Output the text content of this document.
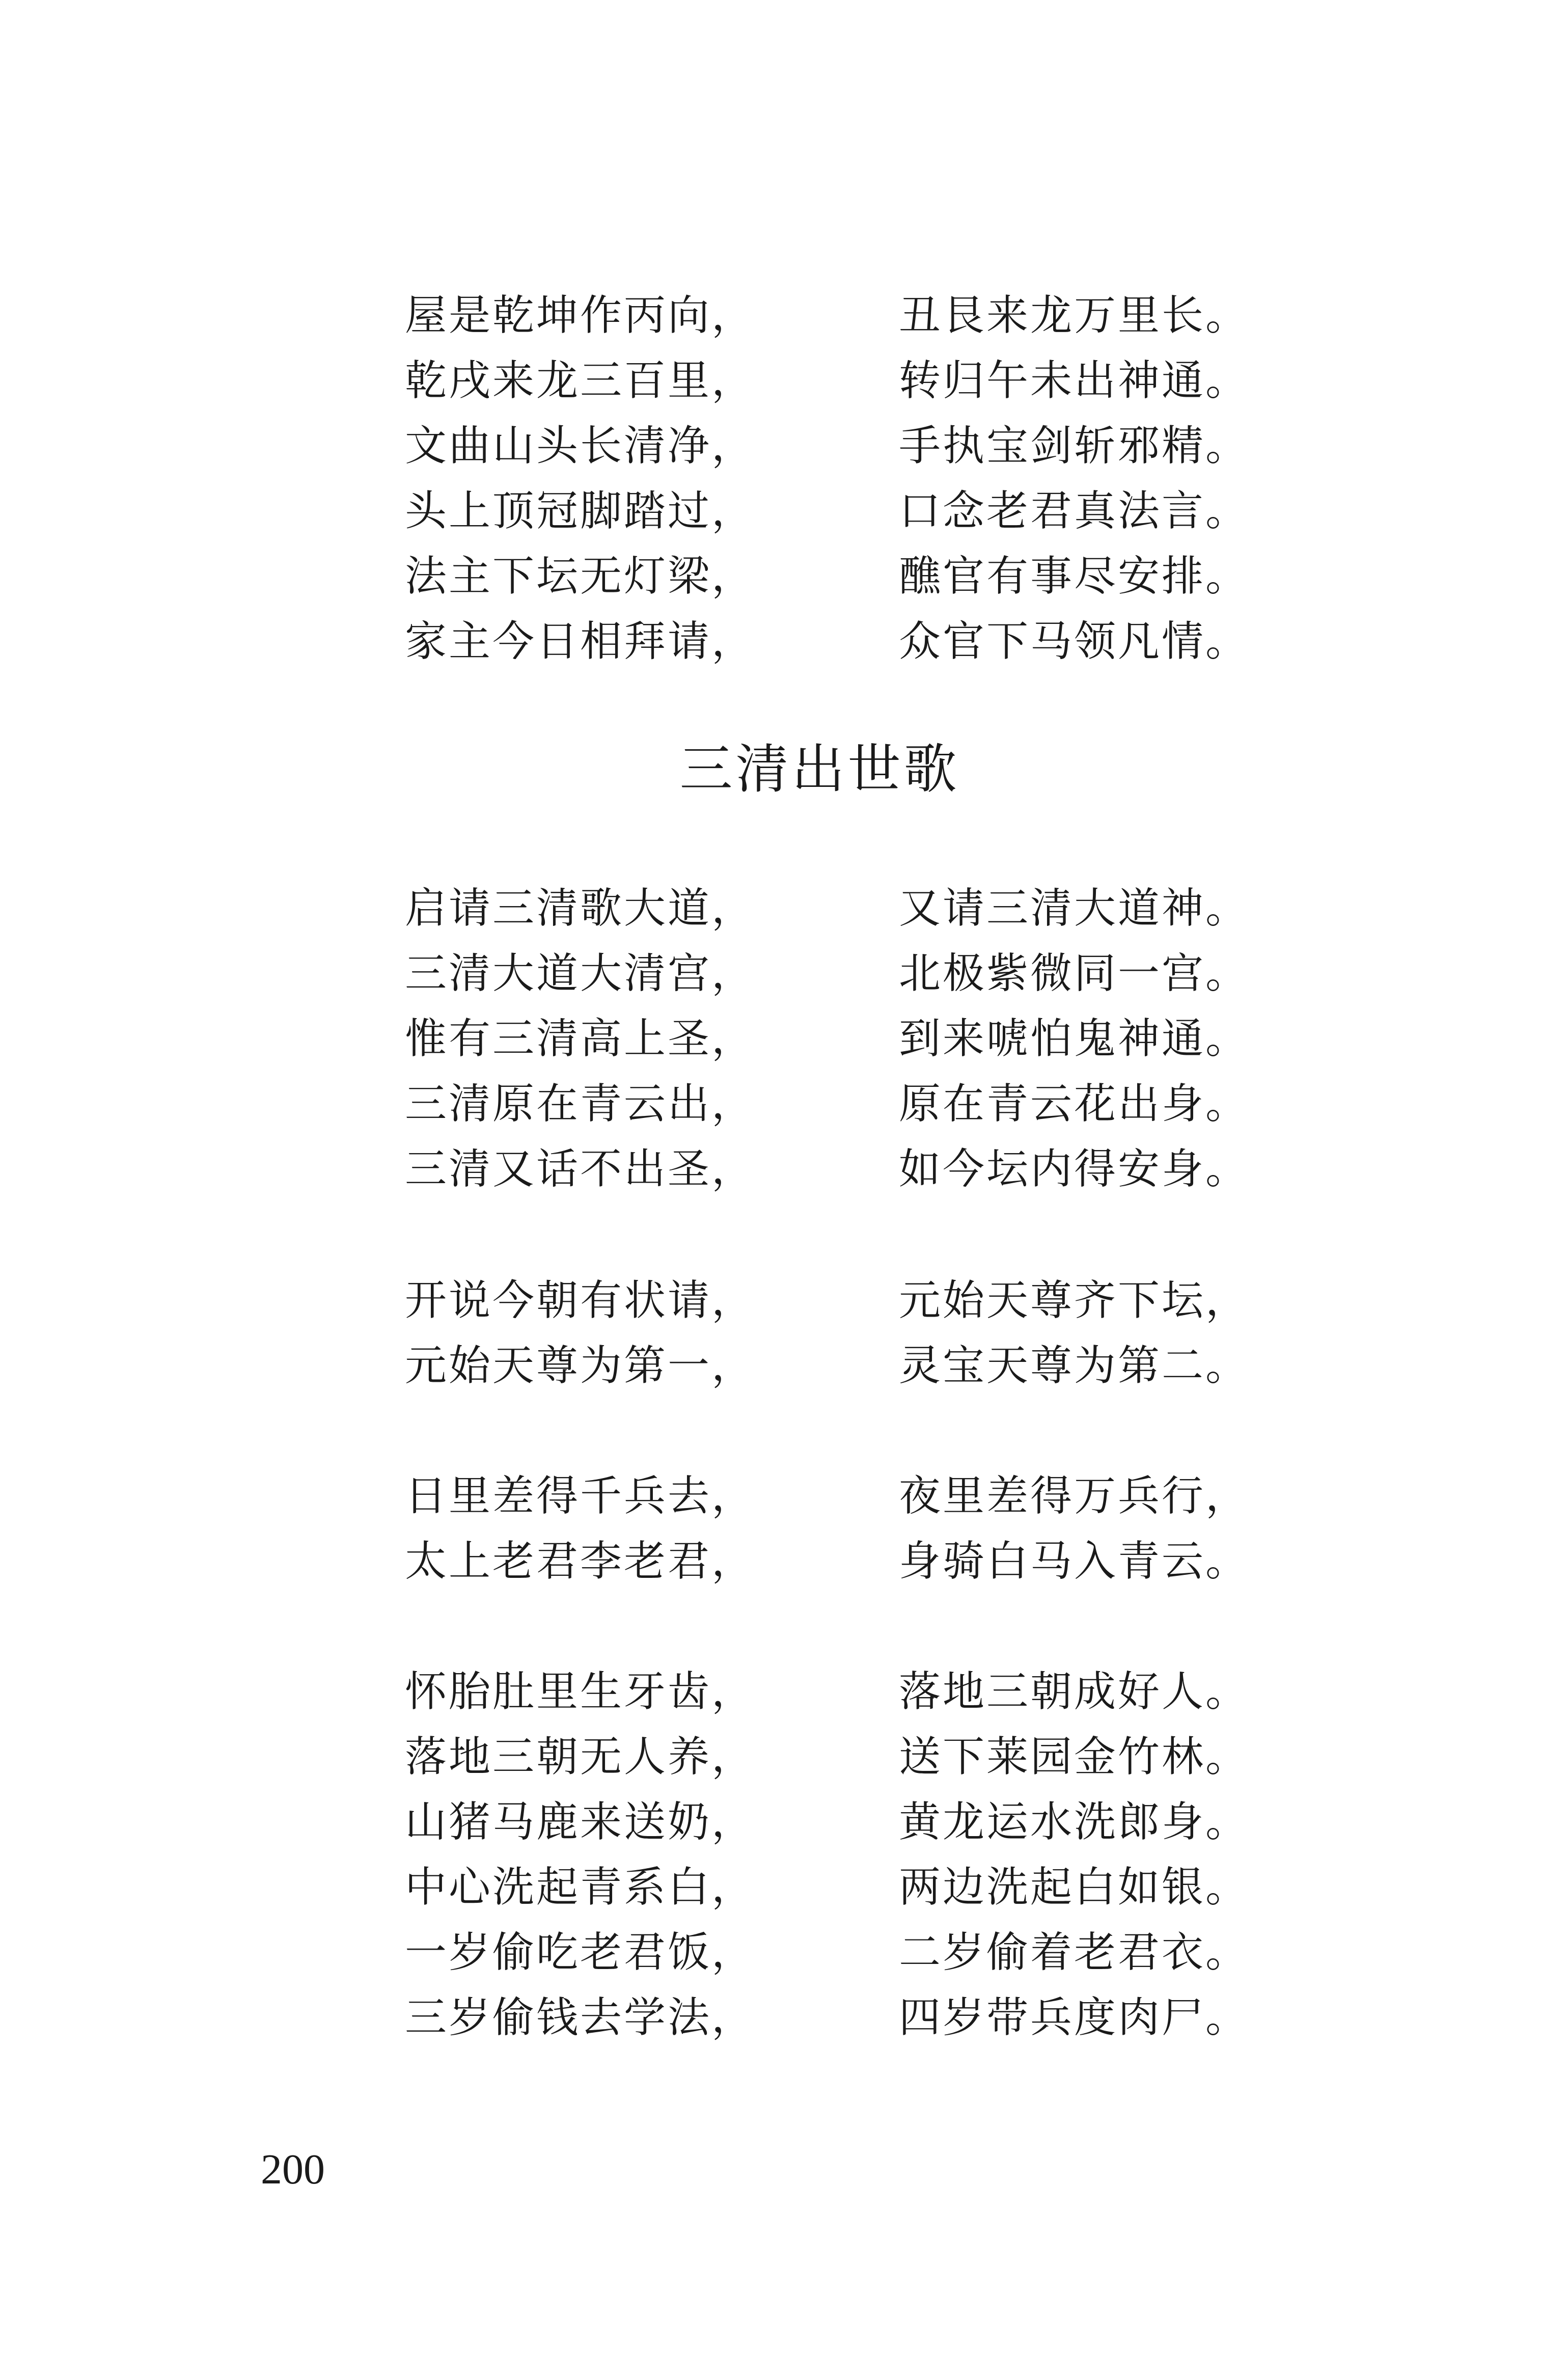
屋是乾坤作丙向，	丑艮来龙万里长。
乾戌来龙三百里，	转归午未出神通。
文曲山头长清净，	手执宝剑斩邪精。
头上顶冠脚踏过，	口念老君真法言。
法主下坛无灯梁，	醮官有事尽安排。
家主今日相拜请，	众官下马领凡情。
三清出世歌
启请三清歌大道，	又请三清大道神。
三清大道大清宫，	北极紫微同一宫。
惟有三清高上圣，	到来唬怕鬼神通。
三清原在青云出，	原在青云花出身。
三清又话不出圣，	如今坛内得安身。
开说今朝有状请，	元始天尊齐下坛，
元始天尊为第一，	灵宝天尊为第二。
日里差得千兵去，	夜里差得万兵行，
太上老君李老君，	身骑白马入青云。
怀胎肚里生牙齿，	落地三朝成好人。
落地三朝无人养，	送下莱园金竹林。
山猪马鹿来送奶，	黄龙运水洗郎身。
中心洗起青系白，	两边洗起白如银。
一岁偷吃老君饭，	二岁偷着老君衣。
三岁偷钱去学法，	四岁带兵度肉尸。
200
